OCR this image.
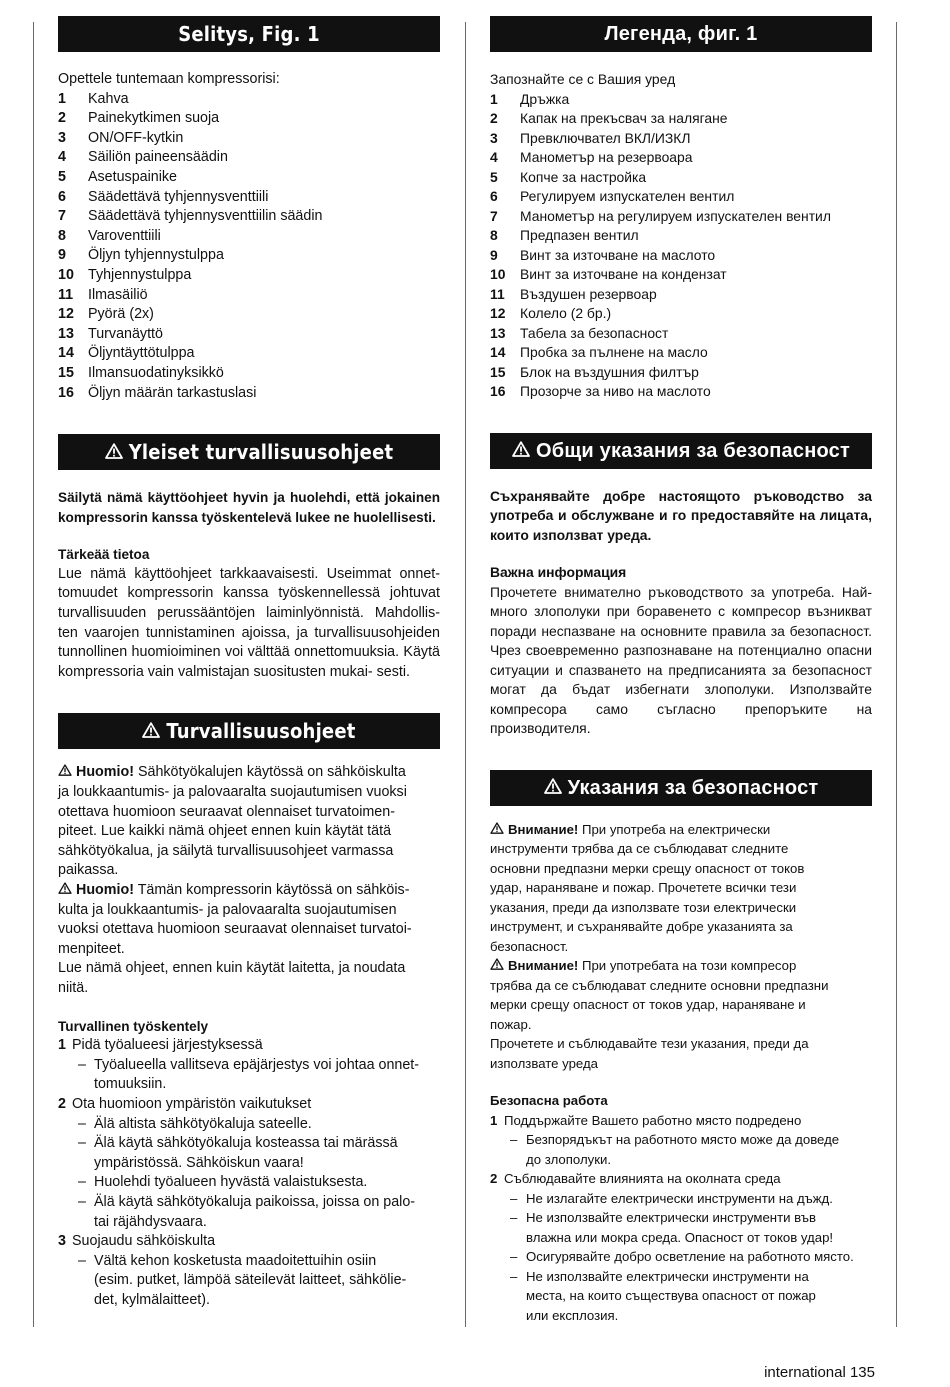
Selitys, Fig. 1
Opettele tuntemaan kompressorisi:
1	Kahva
2	Painekytkimen suoja
3	ON/OFF-kytkin
4	Säiliön paineensäädin
5	Asetuspainike
6	Säädettävä tyhjennysventtiili
7	Säädettävä tyhjennysventtiilin säädin
8	Varoventtiili
9	Öljyn tyhjennystulppa
10 Tyhjennystulppa
11	Ilmasäiliö
12 Pyörä (2x)
13 Turvanäyttö
14 Öljyntäyttötulppa
15 Ilmansuodatinyksikkö
16 Öljyn määrän tarkastuslasi
Yleiset turvallisuusohjeet
Säilytä nämä käyttöohjeet hyvin ja huolehdi, että jokainen kompressorin kanssa työskentelevä lukee ne huolellisesti.
Tärkeää tietoa
Lue nämä käyttöohjeet tarkkaavaisesti. Useimmat onnet- tomuudet kompressorin kanssa työskennellessä johtuvat turvallisuuden perussääntöjen laiminlyönnistä. Mahdollis- ten vaarojen tunnistaminen ajoissa, ja turvallisuusohjeiden tunnollinen huomioiminen voi välttää onnettomuuksia. Käytä kompressoria vain valmistajan suositusten mukai- sesti.
Turvallisuusohjeet
Huomio! Sähkötyökalujen käytössä on sähköiskulta
ja loukkaantumis- ja palovaaralta suojautumisen vuoksi
otettava huomioon seuraavat olennaiset turvatoimen-
piteet. Lue kaikki nämä ohjeet ennen kuin käytät tätä
sähkötyökalua, ja säilytä turvallisuusohjeet varmassa
paikassa.
Huomio! Tämän kompressorin käytössä on sähköis-
kulta ja loukkaantumis- ja palovaaralta suojautumisen
vuoksi otettava huomioon seuraavat olennaiset turvatoi-
menpiteet.
Lue nämä ohjeet, ennen kuin käytät laitetta, ja noudata
niitä.
Turvallinen työskentely
1 Pidä työalueesi järjestyksessä
– Työalueella vallitseva epäjärjestys voi johtaa onnet-
tomuuksiin.
2 Ota huomioon ympäristön vaikutukset
– Älä altista sähkötyökaluja sateelle.
– Älä käytä sähkötyökaluja kosteassa tai märässä
ympäristössä. Sähköiskun vaara!
– Huolehdi työalueen hyvästä valaistuksesta.
– Älä käytä sähkötyökaluja paikoissa, joissa on palo-
tai räjähdysvaara.
3 Suojaudu sähköiskulta
– Vältä kehon kosketusta maadoitettuihin osiin
(esim. putket, lämpöä säteilevät laitteet, sähkölie-
det, kylmälaitteet).
Легенда, фиг. 1
Запознайте се с Вашия уред
1	Дръжка
2	Капак на прекъсвач за налягане
3	Превключвател ВКЛ/ИЗКЛ
4	Манометър на резервоара
5	Копче за настройка
6	Регулируем изпускателен вентил
7	Манометър на регулируем изпускателен вентил
8	Предпазен вентил
9	Винт за източване на маслото
10	Винт за източване на кондензат
11	Въздушен резервоар
12	Колело (2 бр.)
13	Табела за безопасност
14	Пробка за пълнене на масло
15	Блок на въздушния филтър
16	Прозорче за ниво на маслото
Общи указания за безопасност
Съхранявайте добре настоящото ръководство за употреба и обслужване и го предоставяйте на лицата, които използват уреда.
Важна информация
Прочетете внимателно ръководството за употреба. Най-много злополуки при боравенето с компресор възникват поради неспазване на основните правила за безопасност. Чрез своевременно разпознаване на потенциално опасни ситуации и спазването на предписанията за безопасност могат да бъдат избегнати злополуки. Използвайте компресора само съгласно препоръките на производителя.
Указания за безопасност
Внимание! При употреба на електрически
инструменти трябва да се съблюдават следните
основни предпазни мерки срещу опасност от токов
удар, нараняване и пожар. Прочетете всички тези
указания, преди да използвате този електрически
инструмент, и съхранявайте добре указанията за
безопасност.
Внимание! При употребата на този компресор
трябва да се съблюдават следните основни предпазни
мерки срещу опасност от токов удар, нараняване и
пожар.
Прочетете и съблюдавайте тези указания, преди да
използвате уреда
Безопасна работа
1 Поддържайте Вашето работно място подредено
– Безпорядъкът на работното място може да доведе
до злополуки.
2 Съблюдавайте влиянията на околната среда
– Не излагайте електрически инструменти на дъжд.
– Не използвайте електрически инструменти във
влажна или мокра среда. Опасност от токов удар!
– Осигурявайте добро осветление на работното място.
– Не използвайте електрически инструменти на
места, на които съществува опасност от пожар
или експлозия.
international 135
